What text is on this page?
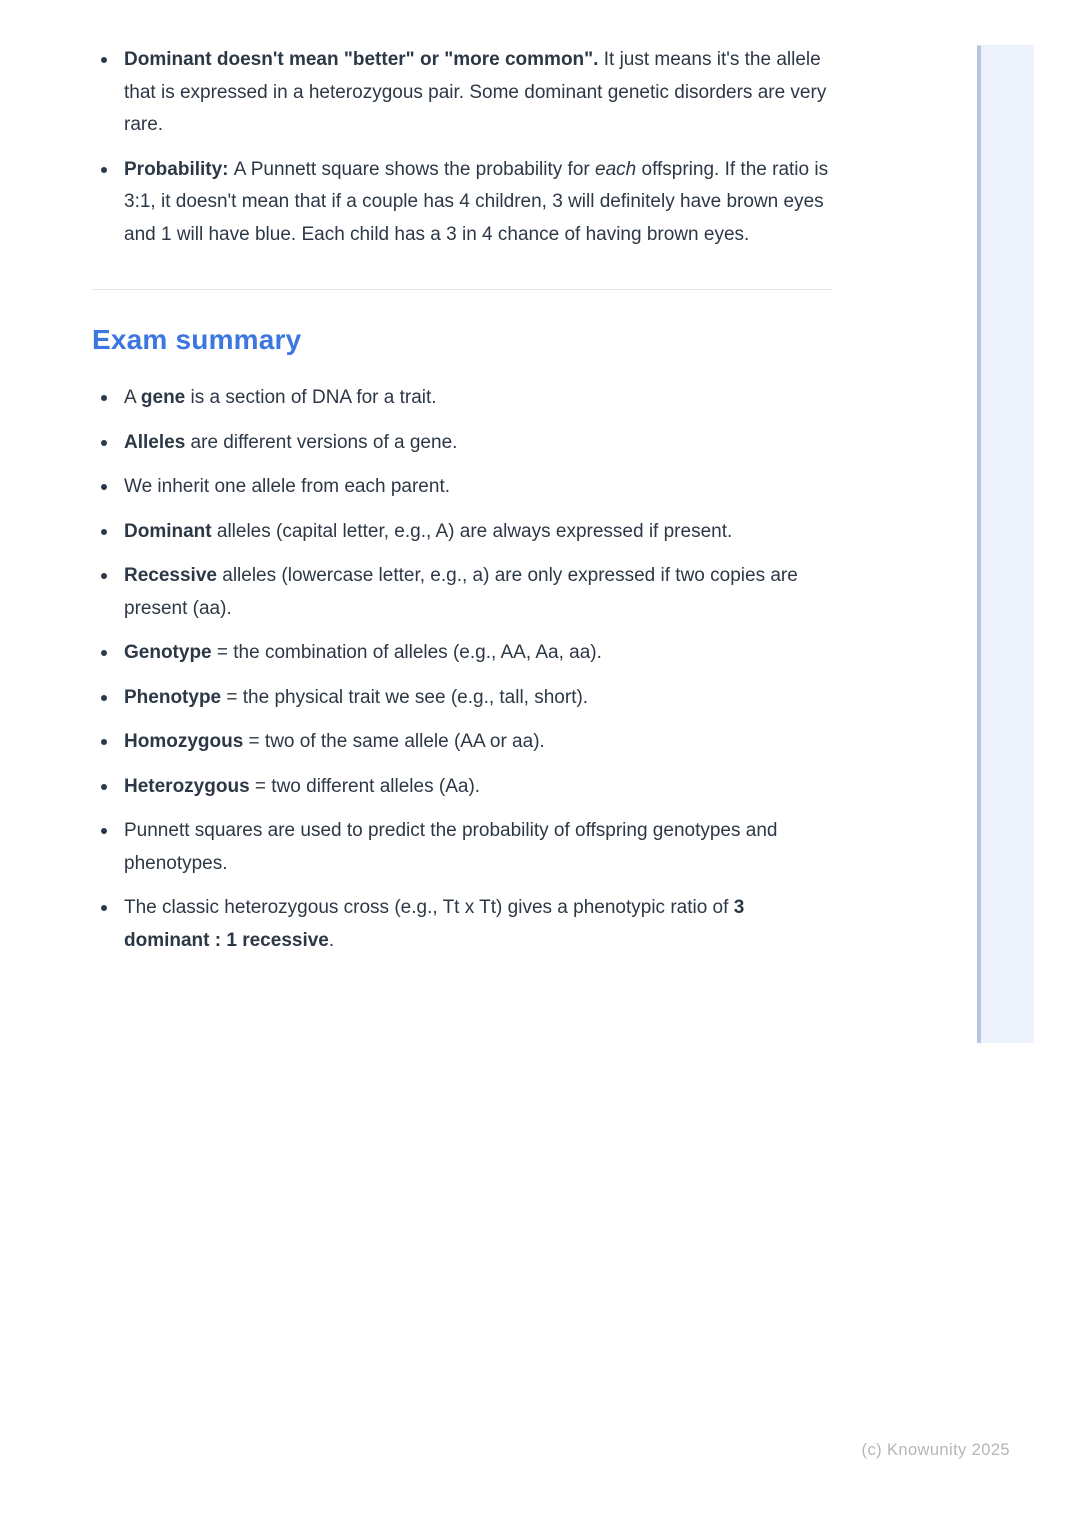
Dominant doesn't mean "better" or "more common". It just means it's the allele that is expressed in a heterozygous pair. Some dominant genetic disorders are very rare.
Probability: A Punnett square shows the probability for each offspring. If the ratio is 3:1, it doesn't mean that if a couple has 4 children, 3 will definitely have brown eyes and 1 will have blue. Each child has a 3 in 4 chance of having brown eyes.
Exam summary
A gene is a section of DNA for a trait.
Alleles are different versions of a gene.
We inherit one allele from each parent.
Dominant alleles (capital letter, e.g., A) are always expressed if present.
Recessive alleles (lowercase letter, e.g., a) are only expressed if two copies are present (aa).
Genotype = the combination of alleles (e.g., AA, Aa, aa).
Phenotype = the physical trait we see (e.g., tall, short).
Homozygous = two of the same allele (AA or aa).
Heterozygous = two different alleles (Aa).
Punnett squares are used to predict the probability of offspring genotypes and phenotypes.
The classic heterozygous cross (e.g., Tt x Tt) gives a phenotypic ratio of 3 dominant : 1 recessive.
(c) Knowunity 2025
